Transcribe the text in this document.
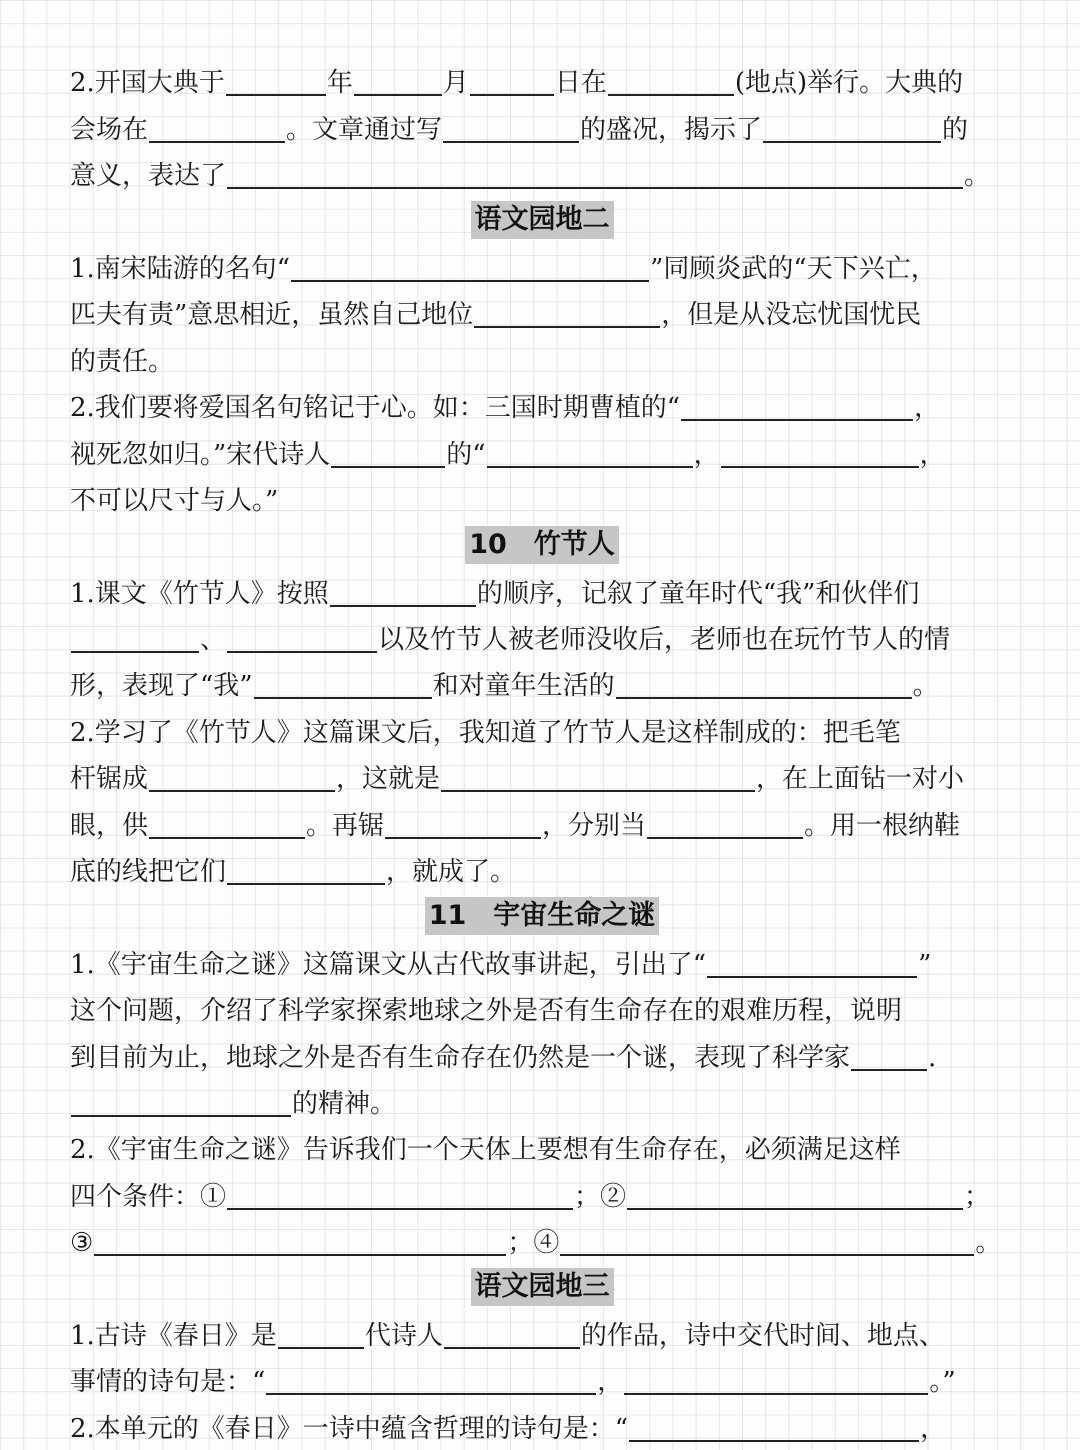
2.开国大典于	年	月	日在	(地点)举行。大典的
会场在	。文章通过写	的盛况，揭示了	的
意义，表达了	。
语文园地二
1.南宋陆游的名句“	”同顾炎武的“天下兴亡，
匹夫有责”意思相近，虽然自己地位	，但是从没忘忧国忧民
的责任。
2.我们要将爱国名句铭记于心。如：三国时期曹植的“	，
视死忽如归。”宋代诗人	的“	，	，
不可以尺寸与人。”
10　竹节人
1.课文《竹节人》按照	的顺序，记叙了童年时代“我”和伙伴们
、	以及竹节人被老师没收后，老师也在玩竹节人的情
形，表现了“我”	和对童年生活的	。
2.学习了《竹节人》这篇课文后，我知道了竹节人是这样制成的：把毛笔
杆锯成	，这就是	，在上面钻一对小
眼，供	。再锯	，分别当	。用一根纳鞋
底的线把它们	，就成了。
11　宇宙生命之谜
1.《宇宙生命之谜》这篇课文从古代故事讲起，引出了“	”
这个问题，介绍了科学家探索地球之外是否有生命存在的艰难历程，说明
到目前为止，地球之外是否有生命存在仍然是一个谜，表现了科学家	.
的精神。
2.《宇宙生命之谜》告诉我们一个天体上要想有生命存在，必须满足这样
四个条件：①	；②	；
③	；④	。
语文园地三
1.古诗《春日》是	代诗人	的作品，诗中交代时间、地点、
事情的诗句是：“	，	。”
2.本单元的《春日》一诗中蕴含哲理的诗句是：“	，
